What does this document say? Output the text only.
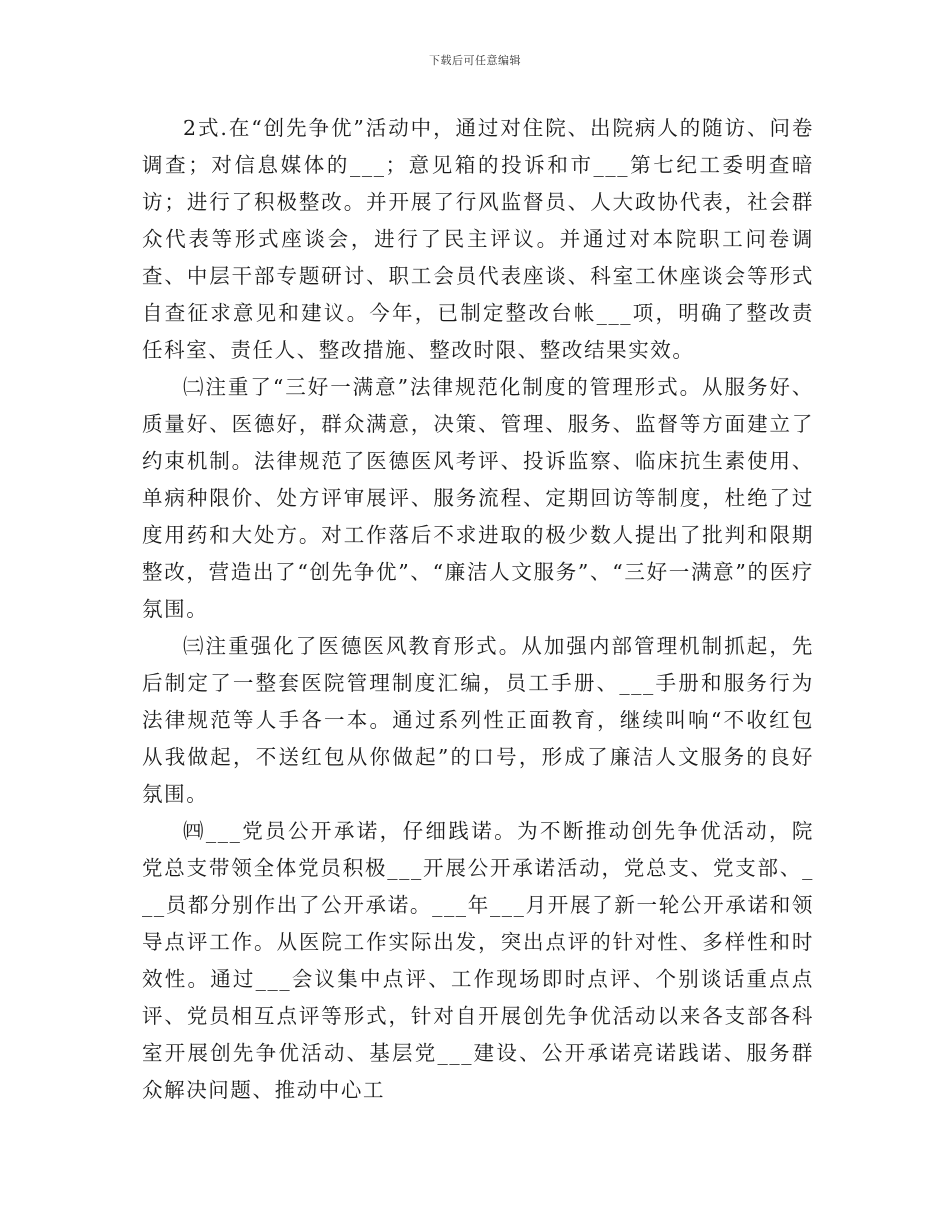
下载后可任意编辑

2式.在“创先争优”活动中，通过对住院、出院病人的随访、问卷调查；对信息媒体的___；意见箱的投诉和市___第七纪工委明查暗访；进行了积极整改。并开展了行风监督员、人大政协代表，社会群众代表等形式座谈会，进行了民主评议。并通过对本院职工问卷调查、中层干部专题研讨、职工会员代表座谈、科室工休座谈会等形式自查征求意见和建议。今年，已制定整改台帐___项，明确了整改责任科室、责任人、整改措施、整改时限、整改结果实效。

㈡注重了“三好一满意”法律规范化制度的管理形式。从服务好、质量好、医德好，群众满意，决策、管理、服务、监督等方面建立了约束机制。法律规范了医德医风考评、投诉监察、临床抗生素使用、单病种限价、处方评审展评、服务流程、定期回访等制度，杜绝了过度用药和大处方。对工作落后不求进取的极少数人提出了批判和限期整改，营造出了“创先争优”、“廉洁人文服务”、“三好一满意”的医疗氛围。

㈢注重强化了医德医风教育形式。从加强内部管理机制抓起，先后制定了一整套医院管理制度汇编，员工手册、___手册和服务行为法律规范等人手各一本。通过系列性正面教育，继续叫响“不收红包从我做起，不送红包从你做起”的口号，形成了廉洁人文服务的良好氛围。

㈣___党员公开承诺，仔细践诺。为不断推动创先争优活动，院党总支带领全体党员积极___开展公开承诺活动，党总支、党支部、___员都分别作出了公开承诺。___年___月开展了新一轮公开承诺和领导点评工作。从医院工作实际出发，突出点评的针对性、多样性和时效性。通过___会议集中点评、工作现场即时点评、个别谈话重点点评、党员相互点评等形式，针对自开展创先争优活动以来各支部各科室开展创先争优活动、基层党___建设、公开承诺亮诺践诺、服务群众解决问题、推动中心工
